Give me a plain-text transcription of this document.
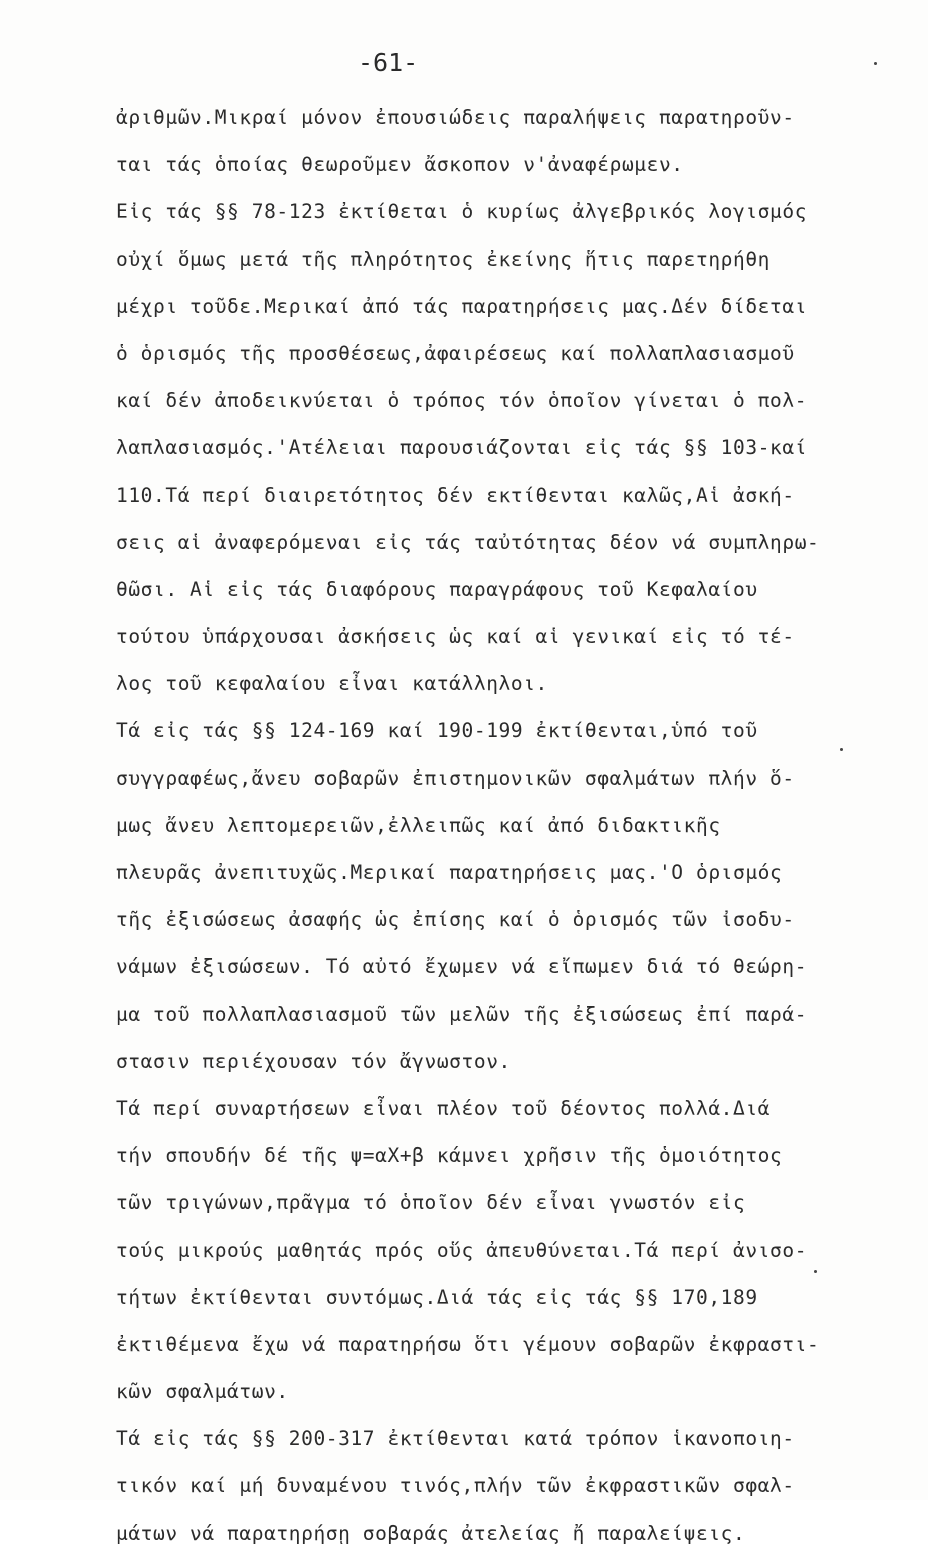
-61-
ἀριθμῶν.Μικραί μόνον ἐπουσιώδεις παραλήψεις παρατηροῦν-
ται τάς ὁποίας θεωροῦμεν ἄσκοπον ν'ἀναφέρωμεν.
Εἰς τάς §§ 78-123 ἐκτίθεται ὁ κυρίως ἀλγεβρικός λογισμός
οὐχί ὅμως μετά τῆς πληρότητος ἐκείνης ἥτις παρετηρήθη
μέχρι τοῦδε.Μερικαί ἀπό τάς παρατηρήσεις μας.Δέν δίδεται
ὁ ὁρισμός τῆς προσθέσεως,ἀφαιρέσεως καί πολλαπλασιασμοῦ
καί δέν ἀποδεικνύεται ὁ τρόπος τόν ὁποῖον γίνεται ὁ πολ-
λαπλασιασμός.'Ατέλειαι παρουσιάζονται εἰς τάς §§ 103-καί
110.Τά περί διαιρετότητος δέν εκτίθενται καλῶς,Αἱ ἀσκή-
σεις αἱ ἀναφερόμεναι εἰς τάς ταὐτότητας δέον νά συμπληρω-
θῶσι. Αἱ εἰς τάς διαφόρους παραγράφους τοῦ Κεφαλαίου
τούτου ὑπάρχουσαι ἀσκήσεις ὡς καί αἱ γενικαί εἰς τό τέ-
λος τοῦ κεφαλαίου εἶναι κατάλληλοι.
Τά εἰς τάς §§ 124-169 καί 190-199 ἐκτίθενται,ὑπό τοῦ
συγγραφέως,ἄνευ σοβαρῶν ἐπιστημονικῶν σφαλμάτων πλήν ὅ-
μως ἄνευ λεπτομερειῶν,ἐλλειπῶς καί ἀπό διδακτικῆς
πλευρᾶς ἀνεπιτυχῶς.Μερικαί παρατηρήσεις μας.'Ο ὁρισμός
τῆς ἐξισώσεως ἀσαφής ὡς ἐπίσης καί ὁ ὁρισμός τῶν ἰσοδυ-
νάμων ἐξισώσεων. Τό αὐτό ἔχωμεν νά εἴπωμεν διά τό θεώρη-
μα τοῦ πολλαπλασιασμοῦ τῶν μελῶν τῆς ἐξισώσεως ἐπί παρά-
στασιν περιέχουσαν τόν ἄγνωστον.
Τά περί συναρτήσεων εἶναι πλέον τοῦ δέοντος πολλά.Διά
τήν σπουδήν δέ τῆς ψ=αX+β κάμνει χρῆσιν τῆς ὁμοιότητος
τῶν τριγώνων,πρᾶγμα τό ὁποῖον δέν εἶναι γνωστόν εἰς
τούς μικρούς μαθητάς πρός οὕς ἀπευθύνεται.Τά περί ἀνισο-
τήτων ἐκτίθενται συντόμως.Διά τάς εἰς τάς §§ 170,189
ἐκτιθέμενα ἔχω νά παρατηρήσω ὅτι γέμουν σοβαρῶν ἐκφραστι-
κῶν σφαλμάτων.
Τά εἰς τάς §§ 200-317 ἐκτίθενται κατά τρόπον ἱκανοποιη-
τικόν καί μή δυναμένου τινός,πλήν τῶν ἐκφραστικῶν σφαλ-
μάτων νά παρατηρήσῃ σοβαράς ἀτελείας ἤ παραλείψεις.
